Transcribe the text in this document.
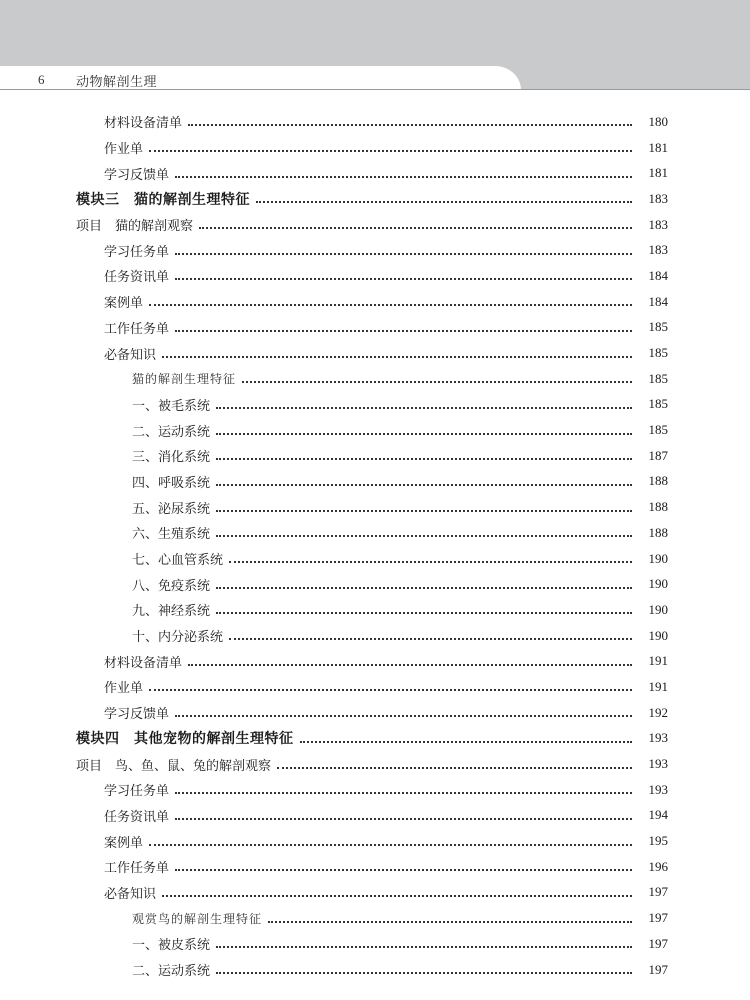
6 动物解剖生理
材料设备清单	180
作业单	181
学习反馈单	181
模块三　猫的解剖生理特征	183
项目　猫的解剖观察	183
学习任务单	183
任务资讯单	184
案例单	184
工作任务单	185
必备知识	185
猫的解剖生理特征	185
一、被毛系统	185
二、运动系统	185
三、消化系统	187
四、呼吸系统	188
五、泌尿系统	188
六、生殖系统	188
七、心血管系统	190
八、免疫系统	190
九、神经系统	190
十、内分泌系统	190
材料设备清单	191
作业单	191
学习反馈单	192
模块四　其他宠物的解剖生理特征	193
项目　鸟、鱼、鼠、兔的解剖观察	193
学习任务单	193
任务资讯单	194
案例单	195
工作任务单	196
必备知识	197
观赏鸟的解剖生理特征	197
一、被皮系统	197
二、运动系统	197
